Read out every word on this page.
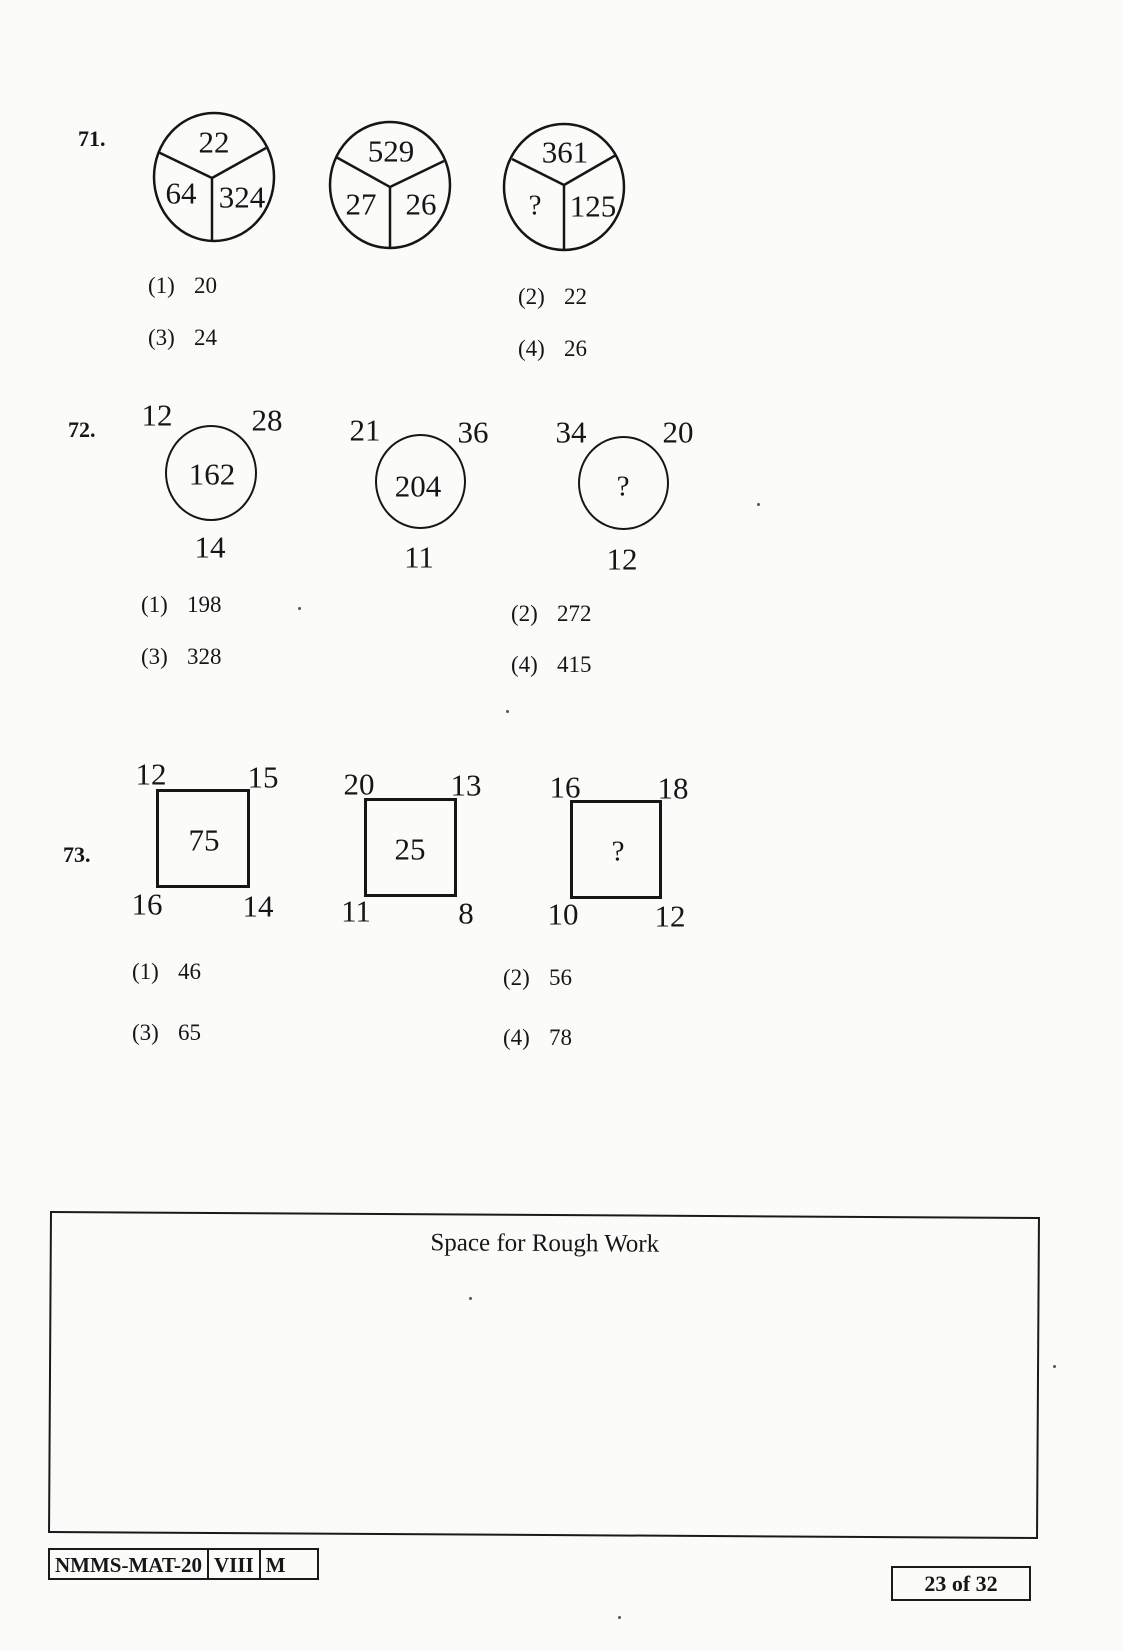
71.	22
64 324
529
27 26
361
? 125
(1) 20	(2) 22
(3) 24	(4) 26
72. 12	28
162
14
21 36
204
11
34 20
?
12
(1) 198	(2) 272
(3) 328	(4) 415
73.
12	15
75
16	14
20 13
25
11	8
16 18
?
10 12
(1) 46	(2) 56
(3) 65	(4) 78
Space for Rough Work
NMMS-MAT-20 VIII M
23 of 32
